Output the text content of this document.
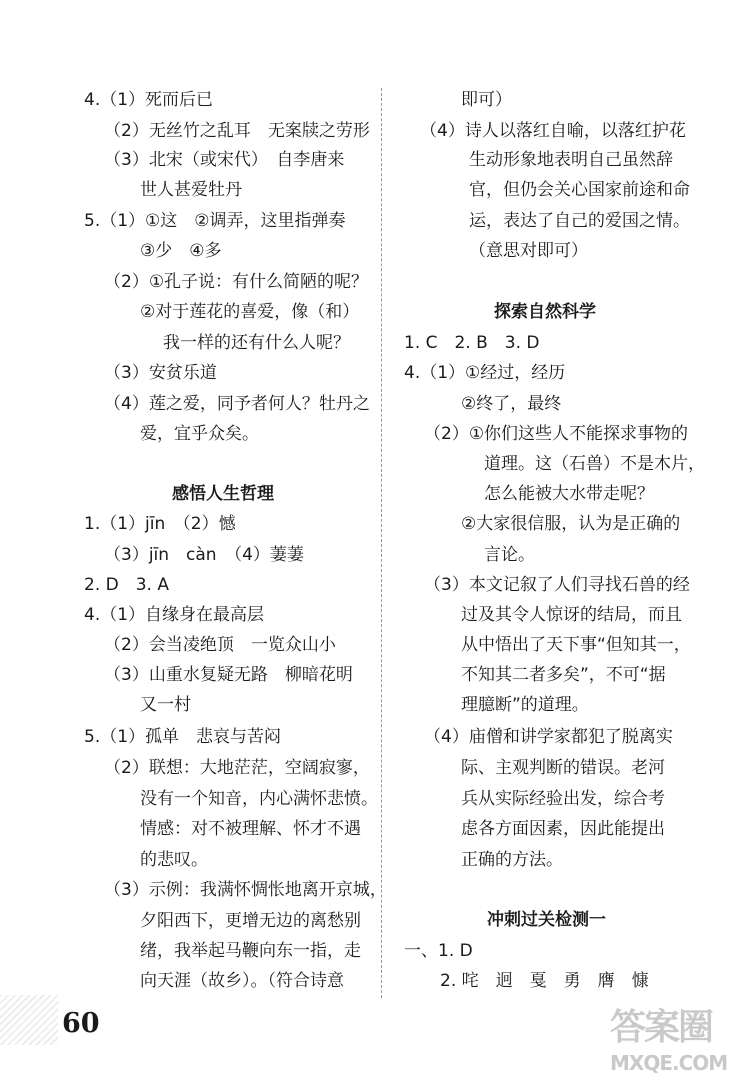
4.（1）死而后已
（2）无丝竹之乱耳　无案牍之劳形
（3）北宋（或宋代）　自李唐来
世人甚爱牡丹
5.（1）①这　②调弄，这里指弹奏
③少　④多
（2）①孔子说：有什么简陋的呢？
②对于莲花的喜爱，像（和）
我一样的还有什么人呢？
（3）安贫乐道
（4）莲之爱，同予者何人？牡丹之
爱，宜乎众矣。
感悟人生哲理
1.（1）jīn　（2）憾
（3）jīn　càn　（4）萋萋
2. D　3. A
4.（1）自缘身在最高层
（2）会当凌绝顶　一览众山小
（3）山重水复疑无路　柳暗花明
又一村
5.（1）孤单　悲哀与苦闷
（2）联想：大地茫茫，空阔寂寥，
没有一个知音，内心满怀悲愤。
情感：对不被理解、怀才不遇
的悲叹。
（3）示例：我满怀惆怅地离开京城，
夕阳西下，更增无边的离愁别
绪，我举起马鞭向东一指，走
向天涯（故乡）。（符合诗意
即可）
（4）诗人以落红自喻，以落红护花
生动形象地表明自己虽然辞
官，但仍会关心国家前途和命
运，表达了自己的爱国之情。
（意思对即可）
探索自然科学
1. C　2. B　3. D
4.（1）①经过，经历
②终了，最终
（2）①你们这些人不能探求事物的
道理。这（石兽）不是木片，
怎么能被大水带走呢？
②大家很信服，认为是正确的
言论。
（3）本文记叙了人们寻找石兽的经
过及其令人惊讶的结局，而且
从中悟出了天下事“但知其一，
不知其二者多矣”，不可“据
理臆断”的道理。
（4）庙僧和讲学家都犯了脱离实
际、主观判断的错误。老河
兵从实际经验出发，综合考
虑各方面因素，因此能提出
正确的方法。
冲刺过关检测一
一、1. D
2. 咤　迥　戛　勇　膺　慷
60	答案圈
MXQE.COM
